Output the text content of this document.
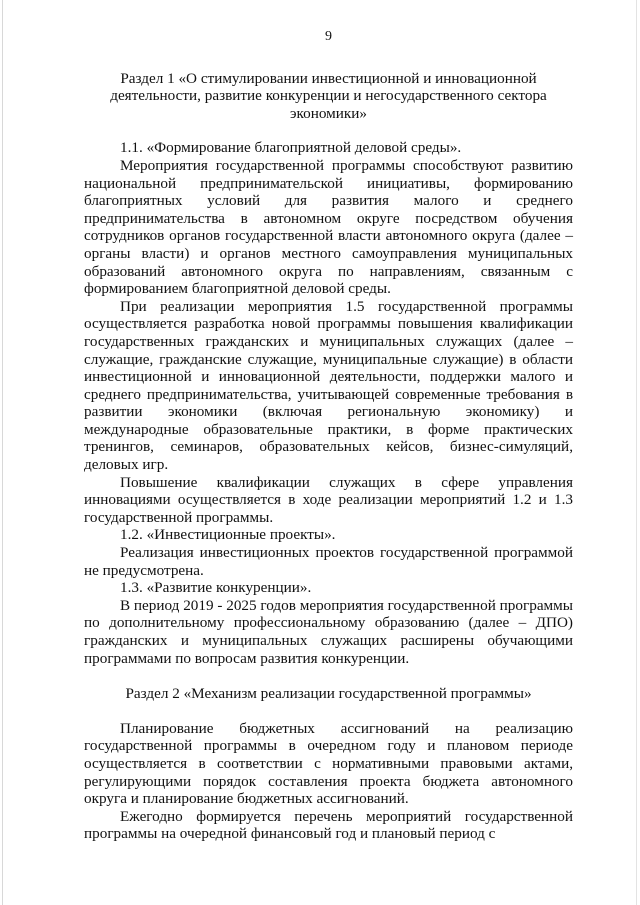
9
Раздел 1 «О стимулировании инвестиционной и инновационной деятельности, развитие конкуренции и негосударственного сектора экономики»

1.1. «Формирование благоприятной деловой среды».

Мероприятия государственной программы способствуют развитию национальной предпринимательской инициативы, формированию благоприятных условий для развития малого и среднего предпринимательства в автономном округе посредством обучения сотрудников органов государственной власти автономного округа (далее – органы власти) и органов местного самоуправления муниципальных образований автономного округа по направлениям, связанным с формированием благоприятной деловой среды.

При реализации мероприятия 1.5 государственной программы осуществляется разработка новой программы повышения квалификации государственных гражданских и муниципальных служащих (далее – служащие, гражданские служащие, муниципальные служащие) в области инвестиционной и инновационной деятельности, поддержки малого и среднего предпринимательства, учитывающей современные требования в развитии экономики (включая региональную экономику) и международные образовательные практики, в форме практических тренингов, семинаров, образовательных кейсов, бизнес-симуляций, деловых игр.

Повышение квалификации служащих в сфере управления инновациями осуществляется в ходе реализации мероприятий 1.2 и 1.3 государственной программы.

1.2. «Инвестиционные проекты».

Реализация инвестиционных проектов государственной программой не предусмотрена.

1.3. «Развитие конкуренции».

В период 2019 - 2025 годов мероприятия государственной программы по дополнительному профессиональному образованию (далее – ДПО) гражданских и муниципальных служащих расширены обучающими программами по вопросам развития конкуренции.

Раздел 2 «Механизм реализации государственной программы»

Планирование бюджетных ассигнований на реализацию государственной программы в очередном году и плановом периоде осуществляется в соответствии с нормативными правовыми актами, регулирующими порядок составления проекта бюджета автономного округа и планирование бюджетных ассигнований.

Ежегодно формируется перечень мероприятий государственной программы на очередной финансовый год и плановый период с
